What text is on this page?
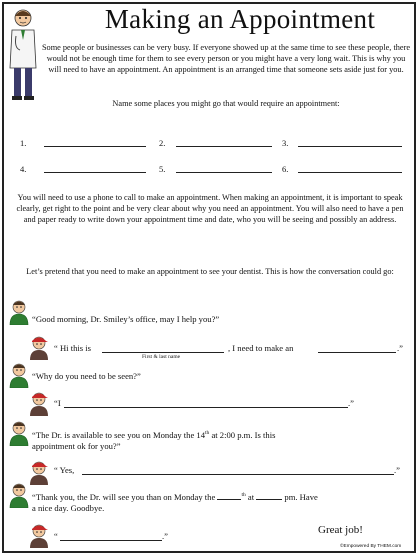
Making an Appointment
Some people or businesses can be very busy. If everyone showed up at the same time to see these people, there would not be enough time for them to see every person or you might have a very long wait. This is why you will need to have an appointment. An appointment is an arranged time that someone sets aside just for you.
Name some places you might go that would require an appointment:
1.	2.	3.
4.	5.	6.
You will need to use a phone to call to make an appointment. When making an appointment, it is important to speak clearly, get right to the point and be very clear about why you need an appointment. You will also need to have a pen and paper ready to write down your appointment time and date, who you will be seeing and possibly an address.
Let’s pretend that you need to make an appointment to see your dentist. This is how the conversation could go:
“Good morning, Dr. Smiley’s office, may I help you?”
“ Hi this is
First & last name
, I need to make an	.”
“Why do you need to be seen?”
“I	.”
“The Dr. is available to see you on Monday the 14th at 2:00 p.m. Is this
appointment ok for you?”
“ Yes,	.”
“Thank you, the Dr. will see you than on Monday the	$^{th}$ at	pm. Have
a nice day. Goodbye.
“	.”	Great job!
©Empowered By THEM.com
